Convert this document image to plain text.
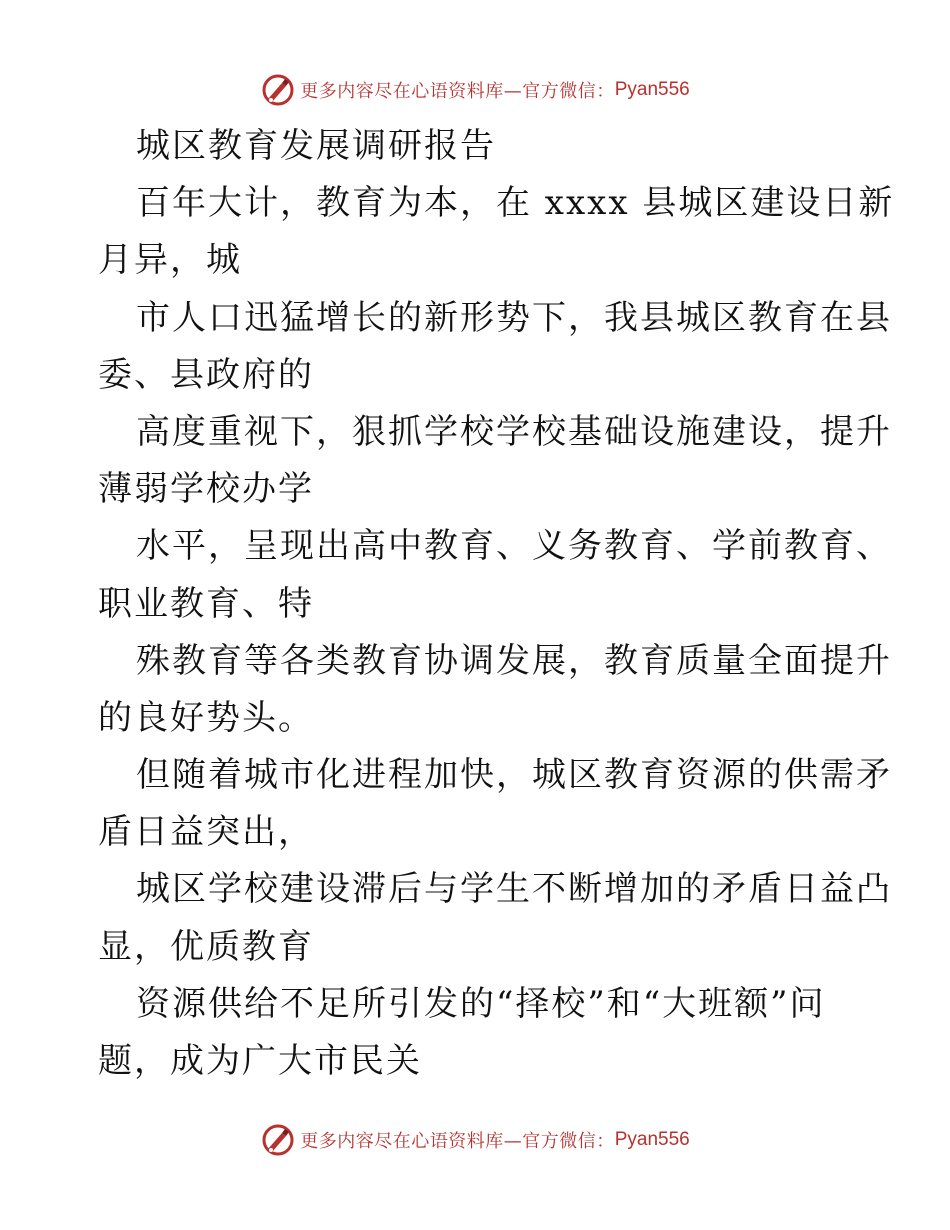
更多内容尽在心语资料库—官方微信： Pyan556
城区教育发展调研报告
百年大计，教育为本，在 xxxx 县城区建设日新
月异，城
市人口迅猛增长的新形势下，我县城区教育在县
委、县政府的
高度重视下，狠抓学校学校基础设施建设，提升
薄弱学校办学
水平，呈现出高中教育、义务教育、学前教育、
职业教育、特
殊教育等各类教育协调发展，教育质量全面提升
的良好势头。
但随着城市化进程加快，城区教育资源的供需矛
盾日益突出，
城区学校建设滞后与学生不断增加的矛盾日益凸
显，优质教育
资源供给不足所引发的“择校”和“大班额”问
题，成为广大市民关
更多内容尽在心语资料库—官方微信： Pyan556
